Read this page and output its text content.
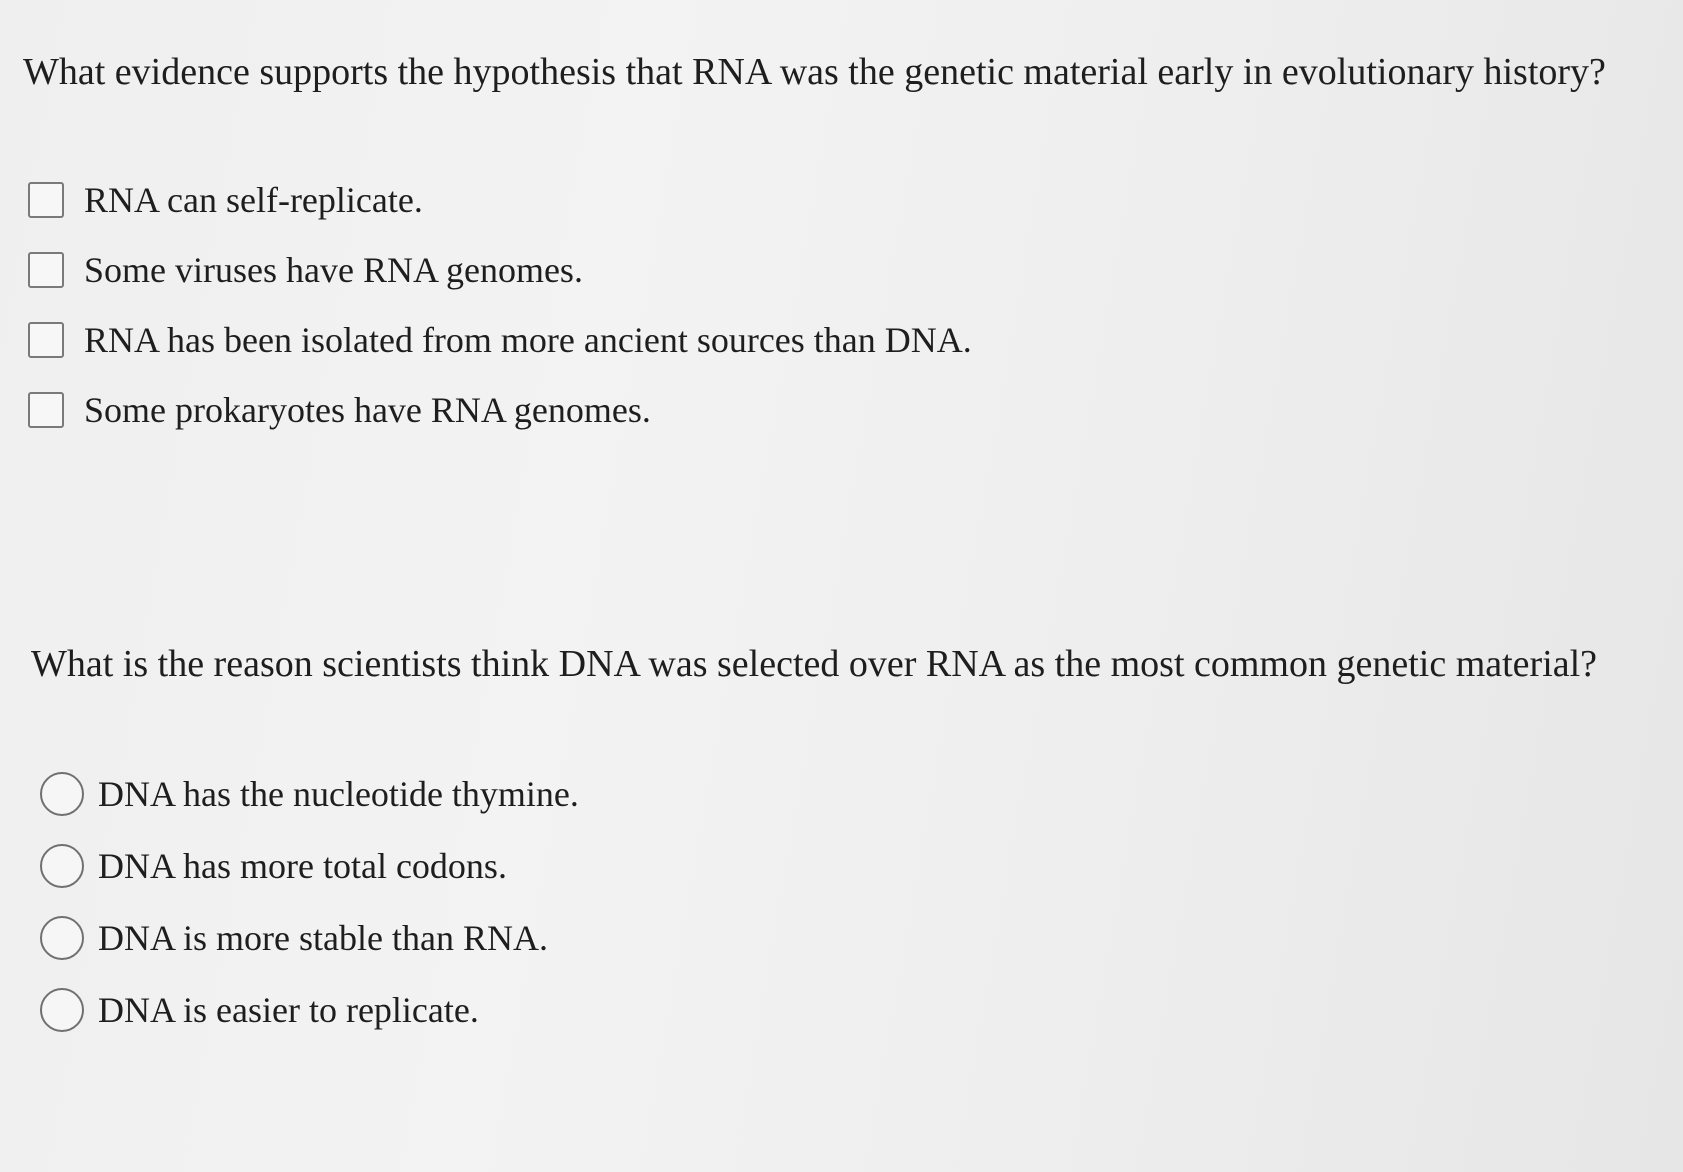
What evidence supports the hypothesis that RNA was the genetic material early in evolutionary history?
RNA can self-replicate.
Some viruses have RNA genomes.
RNA has been isolated from more ancient sources than DNA.
Some prokaryotes have RNA genomes.
What is the reason scientists think DNA was selected over RNA as the most common genetic material?
DNA has the nucleotide thymine.
DNA has more total codons.
DNA is more stable than RNA.
DNA is easier to replicate.
